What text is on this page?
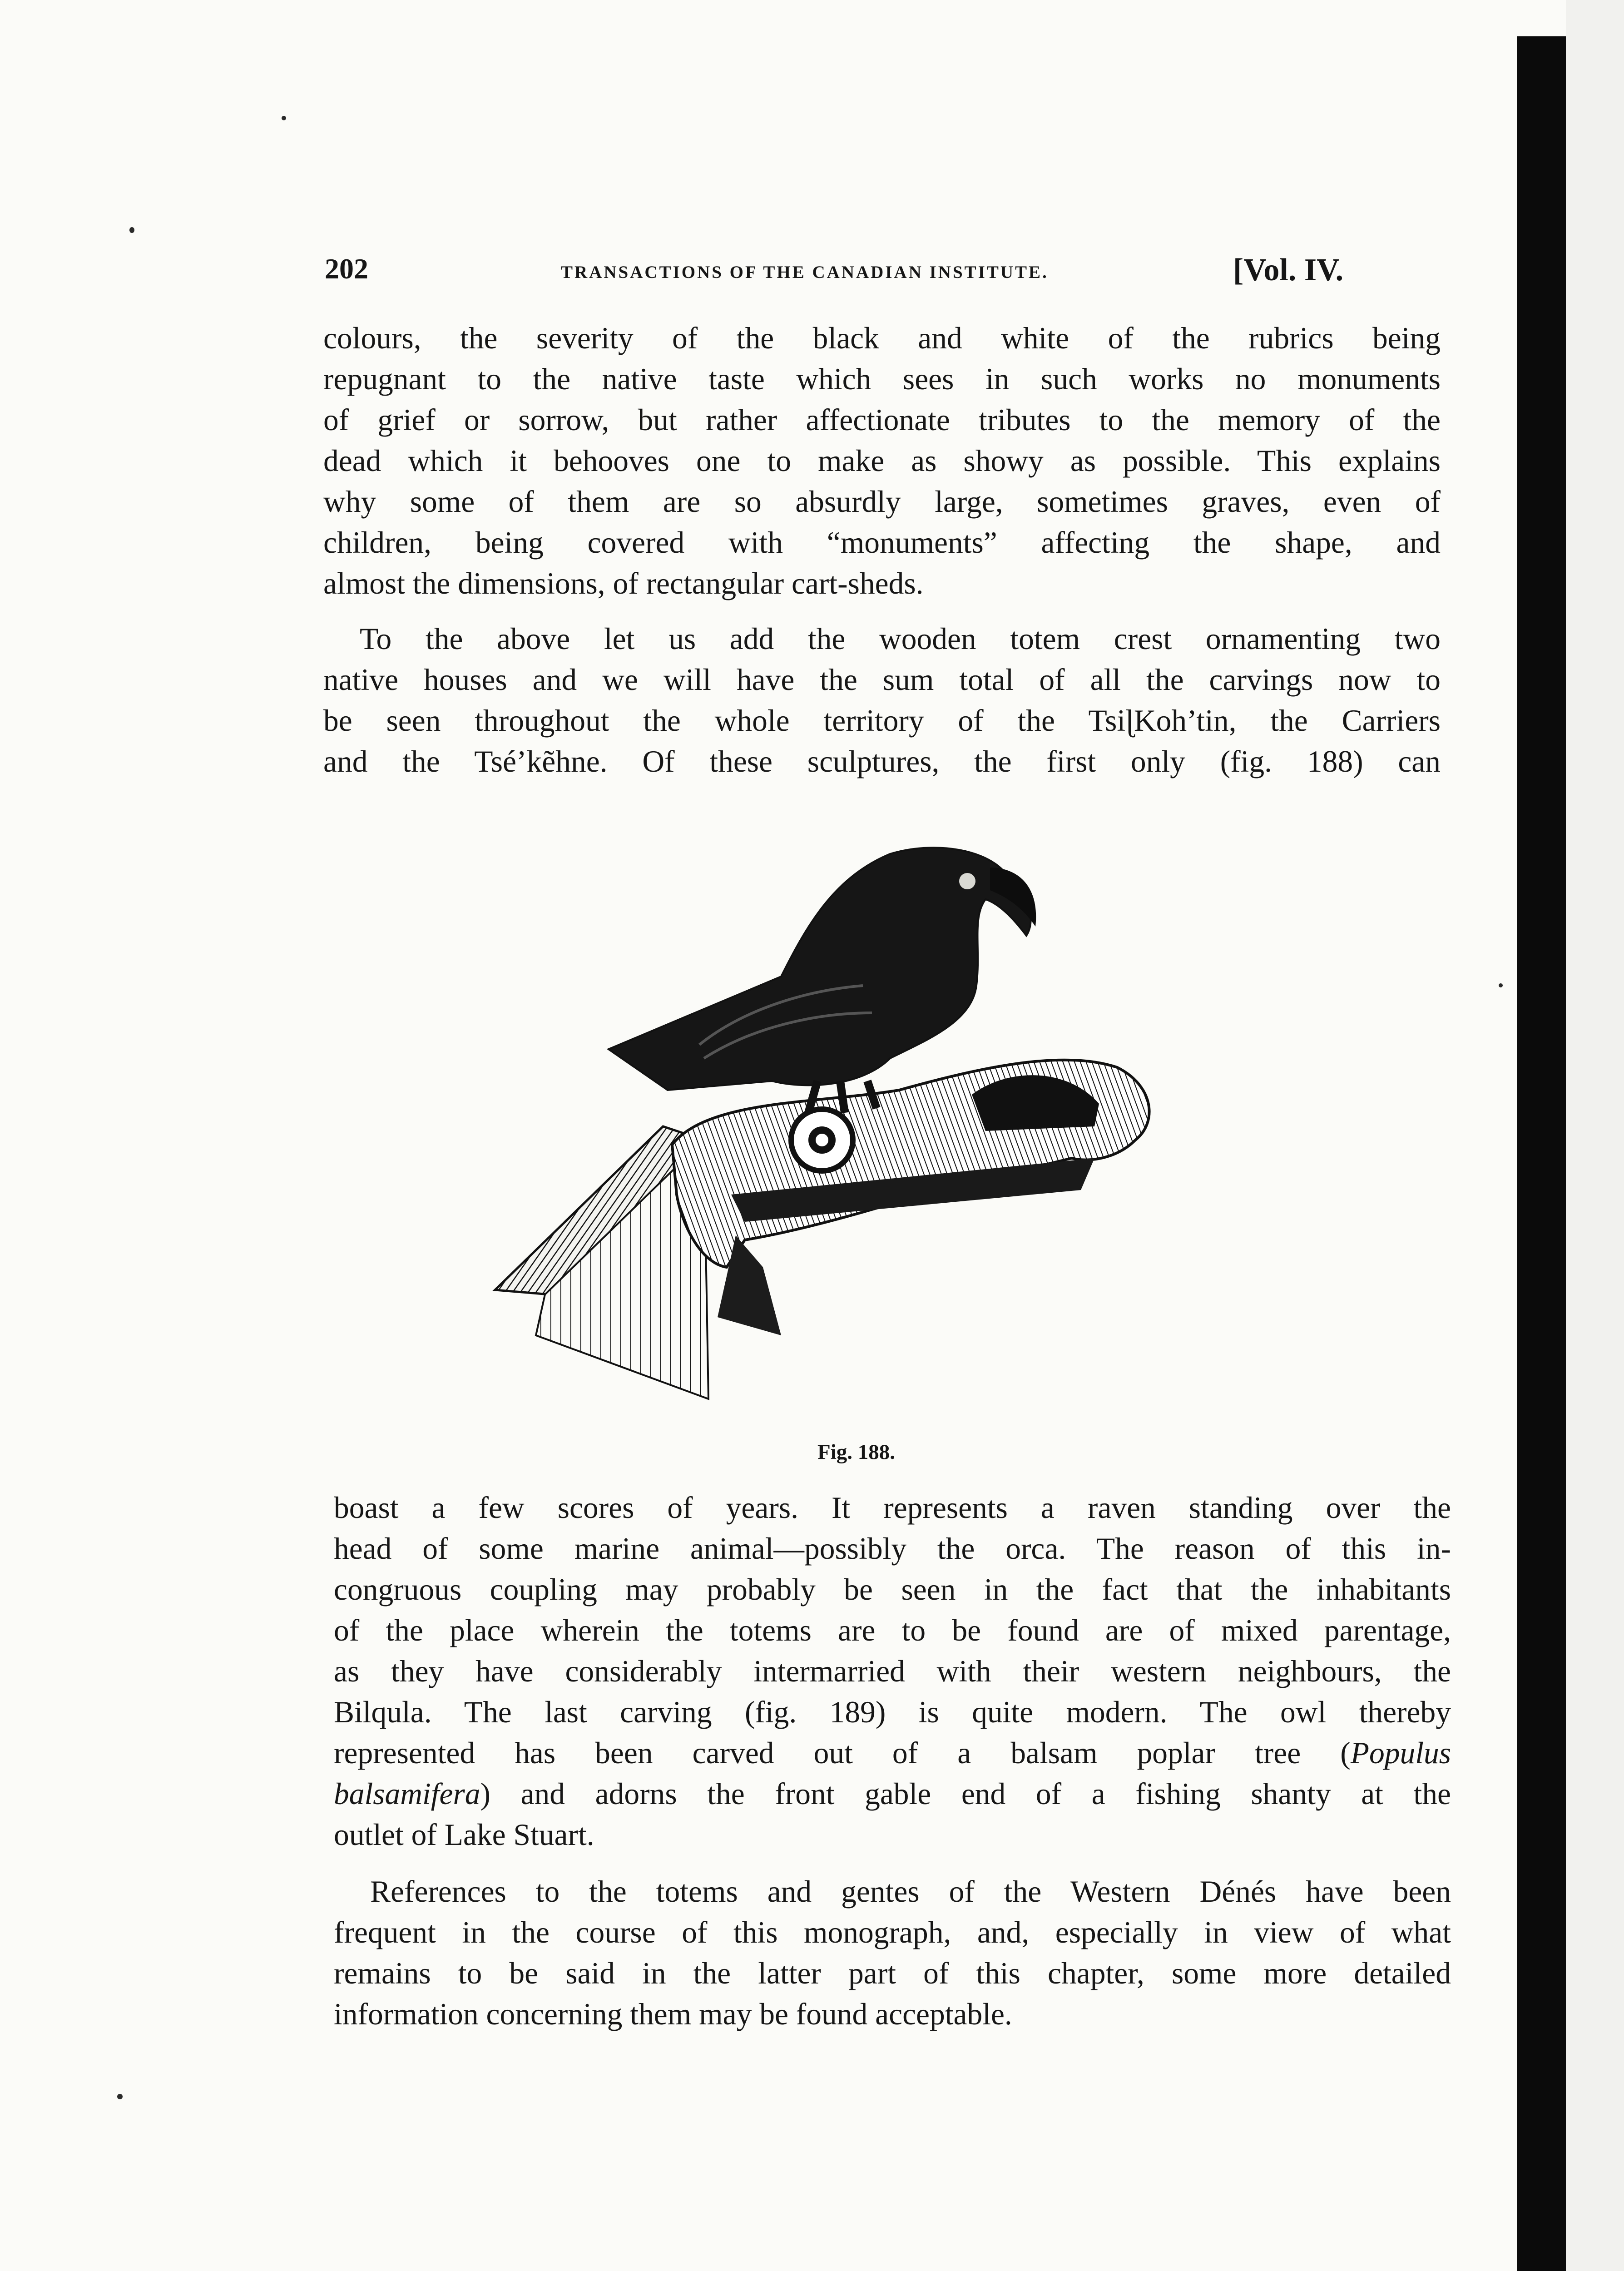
202	TRANSACTIONS OF THE CANADIAN INSTITUTE.	[Vol. IV.
colours, the severity of the black and white of the rubrics being
repugnant to the native taste which sees in such works no monuments
of grief or sorrow, but rather affectionate tributes to the memory of the
dead which it behooves one to make as showy as possible. This explains
why some of them are so absurdly large, sometimes graves, even of
children, being covered with “monuments” affecting the shape, and
almost the dimensions, of rectangular cart-sheds.
To the above let us add the wooden totem crest ornamenting two
native houses and we will have the sum total of all the carvings now to
be seen throughout the whole territory of the TsiɭKoh’tin, the Carriers
and the Tsé’kẽhne. Of these sculptures, the first only (fig. 188) can
Fig. 188.
boast a few scores of years. It represents a raven standing over the
head of some marine animal—possibly the orca. The reason of this in-
congruous coupling may probably be seen in the fact that the inhabitants
of the place wherein the totems are to be found are of mixed parentage,
as they have considerably intermarried with their western neighbours, the
Bilqula. The last carving (fig. 189) is quite modern. The owl thereby
represented has been carved out of a balsam poplar tree (Populus
balsamifera) and adorns the front gable end of a fishing shanty at the
outlet of Lake Stuart.
References to the totems and gentes of the Western Dénés have been
frequent in the course of this monograph, and, especially in view of what
remains to be said in the latter part of this chapter, some more detailed
information concerning them may be found acceptable.
